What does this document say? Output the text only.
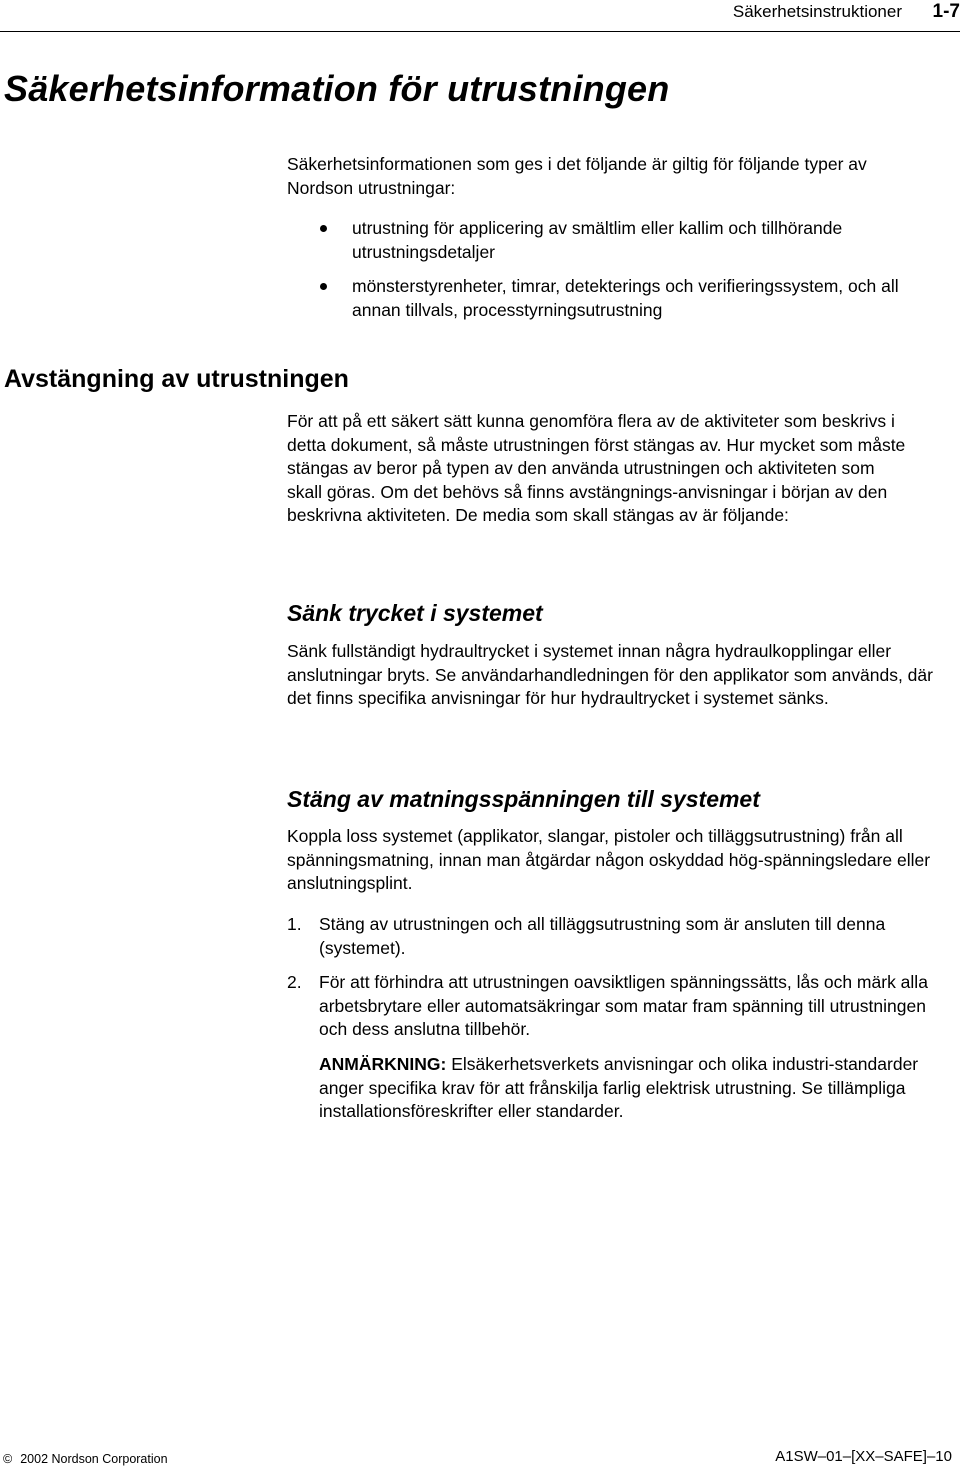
Säkerhetsinstruktioner	1-7
Säkerhetsinformation för utrustningen

Säkerhetsinformationen som ges i det följande är giltig för följande typer av Nordson utrustningar:

utrustning för applicering av smältlim eller kallim och tillhörande utrustningsdetaljer
mönsterstyrenheter, timrar, detekterings och verifieringssystem, och all annan tillvals, processtyrningsutrustning
Avstängning av utrustningen

För att på ett säkert sätt kunna genomföra flera av de aktiviteter som beskrivs i detta dokument, så måste utrustningen först stängas av. Hur mycket som måste stängas av beror på typen av den använda utrustningen och aktiviteten som skall göras. Om det behövs så finns avstängnings-anvisningar i början av den beskrivna aktiviteten. De media som skall stängas av är följande:

Sänk trycket i systemet

Sänk fullständigt hydraultrycket i systemet innan några hydraulkopplingar eller anslutningar bryts. Se användarhandledningen för den applikator som används, där det finns specifika anvisningar för hur hydraultrycket i systemet sänks.

Stäng av matningsspänningen till systemet

Koppla loss systemet (applikator, slangar, pistoler och tilläggsutrustning) från all spänningsmatning, innan man åtgärdar någon oskyddad hög-spänningsledare eller anslutningsplint.

1. Stäng av utrustningen och all tilläggsutrustning som är ansluten till denna (systemet).
2. För att förhindra att utrustningen oavsiktligen spänningssätts, lås och märk alla arbetsbrytare eller automatsäkringar som matar fram spänning till utrustningen och dess anslutna tillbehör.

ANMÄRKNING: Elsäkerhetsverkets anvisningar och olika industri-standarder anger specifika krav för att frånskilja farlig elektrisk utrustning. Se tillämpliga installationsföreskrifter eller standarder.

© 2002 Nordson Corporation	A1SW–01–[XX–SAFE]–10
